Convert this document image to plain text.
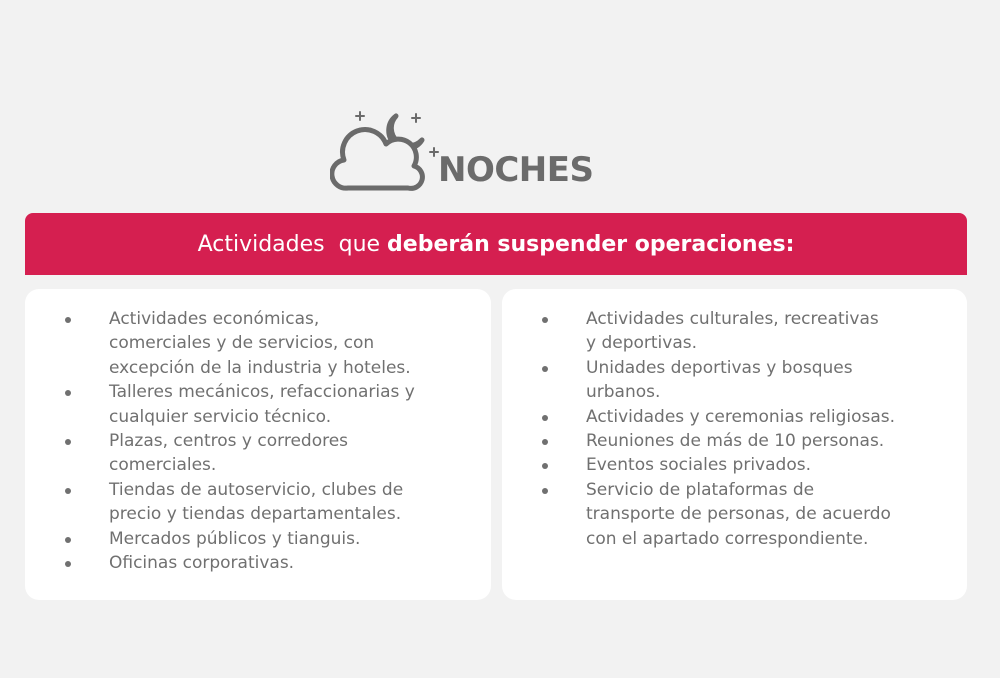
NOCHES
Actividades  que deberán suspender operaciones:
Actividades económicas,
comerciales y de servicios, con
excepción de la industria y hoteles.
Talleres mecánicos, refaccionarias y
cualquier servicio técnico.
Plazas, centros y corredores
comerciales.
Tiendas de autoservicio, clubes de
precio y tiendas departamentales.
Mercados públicos y tianguis.
Oficinas corporativas.
Actividades culturales, recreativas
y deportivas.
Unidades deportivas y bosques
urbanos.
Actividades y ceremonias religiosas.
Reuniones de más de 10 personas.
Eventos sociales privados.
Servicio de plataformas de
transporte de personas, de acuerdo
con el apartado correspondiente.
